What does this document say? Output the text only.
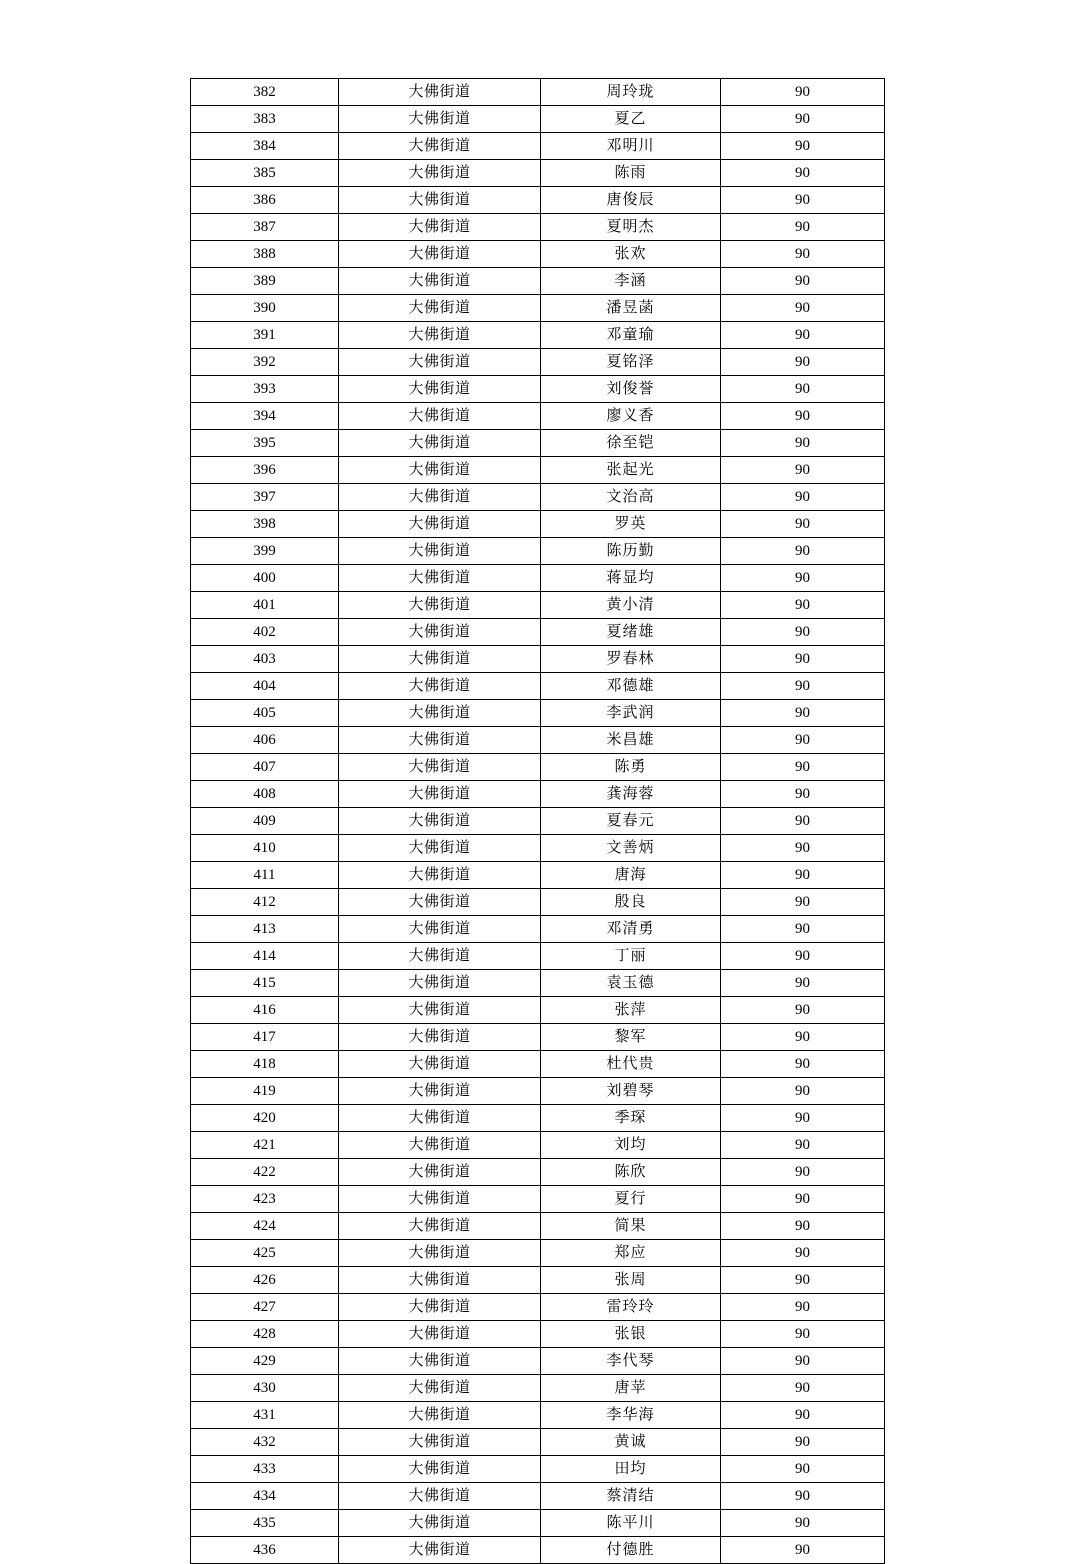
382	大佛街道	周玲珑	90
383	大佛街道	夏乙	90
384	大佛街道	邓明川	90
385	大佛街道	陈雨	90
386	大佛街道	唐俊辰	90
387	大佛街道	夏明杰	90
388	大佛街道	张欢	90
389	大佛街道	李涵	90
390	大佛街道	潘昱菡	90
391	大佛街道	邓童瑜	90
392	大佛街道	夏铭泽	90
393	大佛街道	刘俊誉	90
394	大佛街道	廖义香	90
395	大佛街道	徐至铠	90
396	大佛街道	张起光	90
397	大佛街道	文治高	90
398	大佛街道	罗英	90
399	大佛街道	陈历勤	90
400	大佛街道	蒋显均	90
401	大佛街道	黄小清	90
402	大佛街道	夏绪雄	90
403	大佛街道	罗春林	90
404	大佛街道	邓德雄	90
405	大佛街道	李武润	90
406	大佛街道	米昌雄	90
407	大佛街道	陈勇	90
408	大佛街道	龚海蓉	90
409	大佛街道	夏春元	90
410	大佛街道	文善炳	90
411	大佛街道	唐海	90
412	大佛街道	殷良	90
413	大佛街道	邓清勇	90
414	大佛街道	丁丽	90
415	大佛街道	袁玉德	90
416	大佛街道	张萍	90
417	大佛街道	黎军	90
418	大佛街道	杜代贵	90
419	大佛街道	刘碧琴	90
420	大佛街道	季琛	90
421	大佛街道	刘均	90
422	大佛街道	陈欣	90
423	大佛街道	夏行	90
424	大佛街道	简果	90
425	大佛街道	郑应	90
426	大佛街道	张周	90
427	大佛街道	雷玲玲	90
428	大佛街道	张银	90
429	大佛街道	李代琴	90
430	大佛街道	唐苹	90
431	大佛街道	李华海	90
432	大佛街道	黄诚	90
433	大佛街道	田均	90
434	大佛街道	蔡清结	90
435	大佛街道	陈平川	90
436	大佛街道	付德胜	90
